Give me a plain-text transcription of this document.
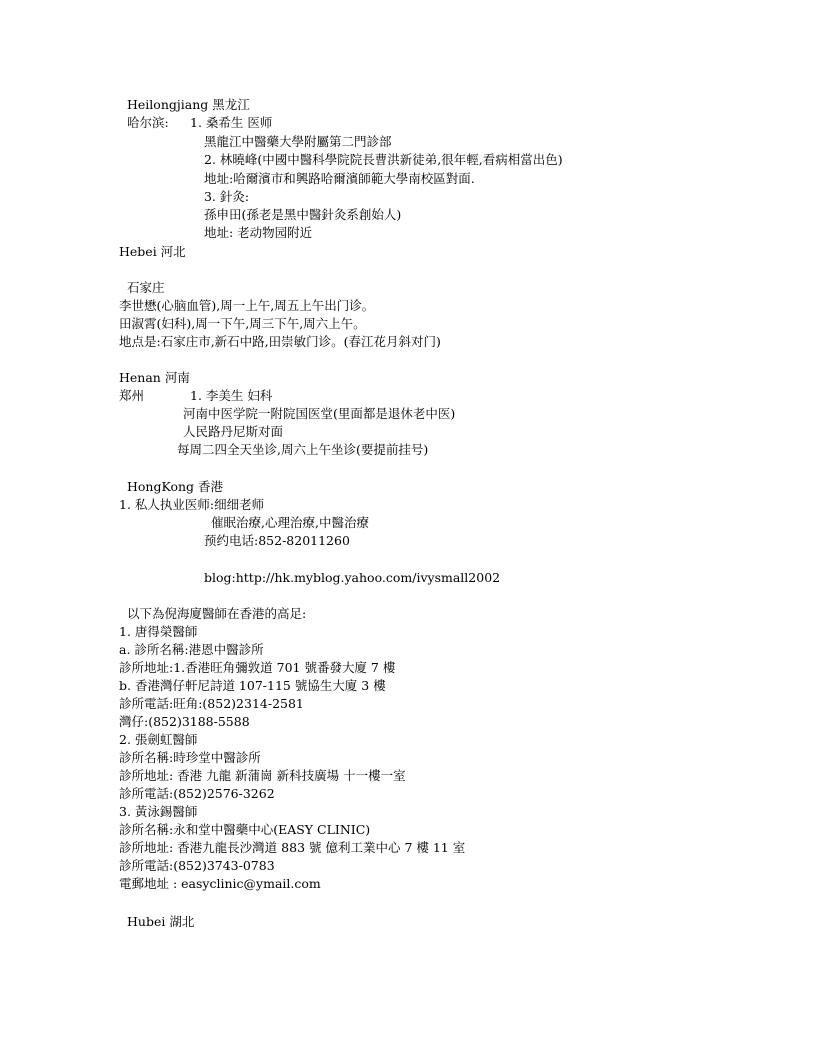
Heilongjiang 黑龙江
哈尔滨: 1. 桑希生 医师
黑龍江中醫藥大學附屬第二門診部
2. 林曉峰(中國中醫科學院院長曹洪新徒弟,很年輕,看病相當出色)
地址:哈爾濱市和興路哈爾濱師範大學南校區對面.
3. 針灸:
孫申田(孫老是黑中醫針灸系創始人)
地址: 老动物园附近
Hebei 河北
石家庄
李世懋(心脑血管),周一上午,周五上午出门诊。
田淑霄(妇科),周一下午,周三下午,周六上午。
地点是:石家庄市,新石中路,田崇敏门诊。(春江花月斜对门)
Henan 河南
郑州	1. 李美生 妇科
河南中医学院一附院国医堂(里面都是退休老中医)
人民路丹尼斯对面
每周二四全天坐诊,周六上午坐诊(要提前挂号)
HongKong 香港
1. 私人执业医师:细细老师
催眠治療,心理治療,中醫治療
预约电话:852-82011260
blog:http://hk.myblog.yahoo.com/ivysmall2002
以下為倪海廈醫師在香港的高足:
1. 唐得榮醫師
a. 診所名稱:港恩中醫診所
診所地址:1.香港旺角彌敦道 701 號番發大廈 7 樓
b. 香港灣仔軒尼詩道 107-115 號協生大廈 3 樓
診所電話:旺角:(852)2314-2581
灣仔:(852)3188-5588
2. 張劍虹醫師
診所名稱:時珍堂中醫診所
診所地址: 香港 九龍 新蒲崗 新科技廣場 十一樓一室
診所電話:(852)2576-3262
3. 黃泳錫醫師
診所名稱:永和堂中醫藥中心(EASY CLINIC)
診所地址: 香港九龍長沙灣道 883 號 億利工業中心 7 樓 11 室
診所電話:(852)3743-0783
電郵地址 : easyclinic@ymail.com
Hubei 湖北
